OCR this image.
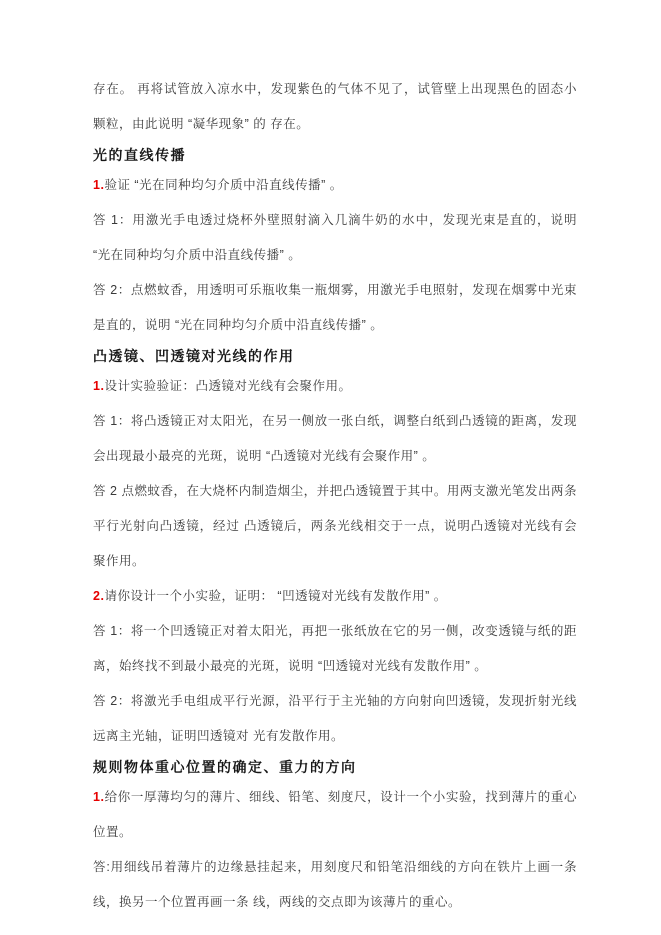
存在。 再将试管放入凉水中，发现紫色的气体不见了，试管壁上出现黑色的固态小颗粒，由此说明 “凝华现象” 的 存在。

光的直线传播

1.验证 “光在同种均匀介质中沿直线传播” 。

答 1：用激光手电透过烧杯外壁照射滴入几滴牛奶的水中，发现光束是直的，说明 “光在同种均匀介质中沿直线传播” 。

答 2：点燃蚊香，用透明可乐瓶收集一瓶烟雾，用激光手电照射，发现在烟雾中光束是直的，说明 “光在同种均匀介质中沿直线传播” 。

凸透镜、凹透镜对光线的作用

1.设计实验验证：凸透镜对光线有会聚作用。

答 1：将凸透镜正对太阳光，在另一侧放一张白纸，调整白纸到凸透镜的距离，发现会出现最小最亮的光斑，说明 “凸透镜对光线有会聚作用” 。

答 2 点燃蚊香，在大烧杯内制造烟尘，并把凸透镜置于其中。用两支激光笔发出两条平行光射向凸透镜，经过 凸透镜后，两条光线相交于一点，说明凸透镜对光线有会聚作用。

2.请你设计一个小实验，证明： “凹透镜对光线有发散作用” 。

答 1：将一个凹透镜正对着太阳光，再把一张纸放在它的另一侧，改变透镜与纸的距离，始终找不到最小最亮的光斑，说明 “凹透镜对光线有发散作用” 。

答 2：将激光手电组成平行光源，沿平行于主光轴的方向射向凹透镜，发现折射光线远离主光轴，证明凹透镜对 光有发散作用。

规则物体重心位置的确定、重力的方向

1.给你一厚薄均匀的薄片、细线、铅笔、刻度尺，设计一个小实验，找到薄片的重心位置。

答:用细线吊着薄片的边缘悬挂起来，用刻度尺和铅笔沿细线的方向在铁片上画一条线，换另一个位置再画一条 线，两线的交点即为该薄片的重心。
